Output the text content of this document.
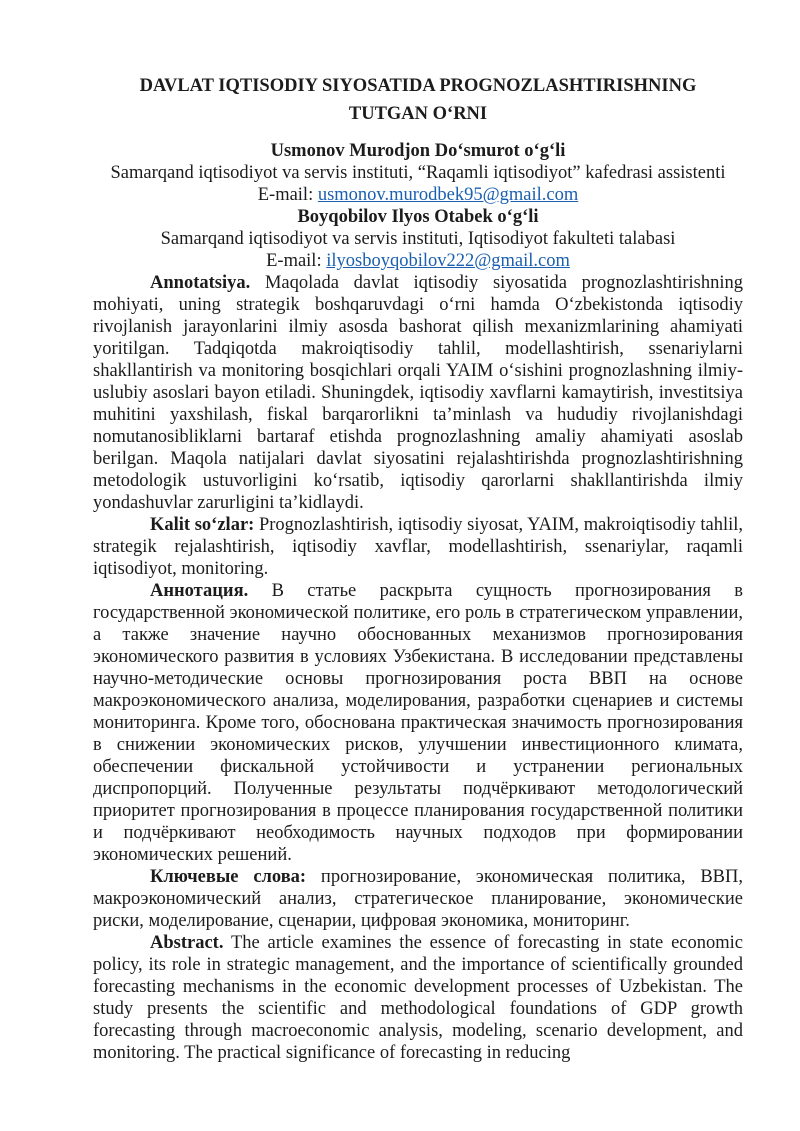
DAVLAT IQTISODIY SIYOSATIDA PROGNOZLASHTIRISHNING
TUTGAN O‘RNI
Usmonov Murodjon Do‘smurot o‘g‘li
Samarqand iqtisodiyot va servis instituti, “Raqamli iqtisodiyot” kafedrasi assistenti
E-mail: usmonov.murodbek95@gmail.com
Boyqobilov Ilyos Otabek o‘g‘li
Samarqand iqtisodiyot va servis instituti, Iqtisodiyot fakulteti talabasi
E-mail: ilyosboyqobilov222@gmail.com

Annotatsiya. Maqolada davlat iqtisodiy siyosatida prognozlashtirishning mohiyati, uning strategik boshqaruvdagi o‘rni hamda O‘zbekistonda iqtisodiy rivojlanish jarayonlarini ilmiy asosda bashorat qilish mexanizmlarining ahamiyati yoritilgan. Tadqiqotda makroiqtisodiy tahlil, modellashtirish, ssenariylarni shakllantirish va monitoring bosqichlari orqali YAIM o‘sishini prognozlashning ilmiy-uslubiy asoslari bayon etiladi. Shuningdek, iqtisodiy xavflarni kamaytirish, investitsiya muhitini yaxshilash, fiskal barqarorlikni ta’minlash va hududiy rivojlanishdagi nomutanosibliklarni bartaraf etishda prognozlashning amaliy ahamiyati asoslab berilgan. Maqola natijalari davlat siyosatini rejalashtirishda prognozlashtirishning metodologik ustuvorligini ko‘rsatib, iqtisodiy qarorlarni shakllantirishda ilmiy yondashuvlar zarurligini ta’kidlaydi.

Kalit so‘zlar: Prognozlashtirish, iqtisodiy siyosat, YAIM, makroiqtisodiy tahlil, strategik rejalashtirish, iqtisodiy xavflar, modellashtirish, ssenariylar, raqamli iqtisodiyot, monitoring.

Аннотация. В статье раскрыта сущность прогнозирования в государственной экономической политике, его роль в стратегическом управлении, а также значение научно обоснованных механизмов прогнозирования экономического развития в условиях Узбекистана. В исследовании представлены научно-методические основы прогнозирования роста ВВП на основе макроэкономического анализа, моделирования, разработки сценариев и системы мониторинга. Кроме того, обоснована практическая значимость прогнозирования в снижении экономических рисков, улучшении инвестиционного климата, обеспечении фискальной устойчивости и устранении региональных диспропорций. Полученные результаты подчёркивают методологический приоритет прогнозирования в процессе планирования государственной политики и подчёркивают необходимость научных подходов при формировании экономических решений.

Ключевые слова: прогнозирование, экономическая политика, ВВП, макроэкономический анализ, стратегическое планирование, экономические риски, моделирование, сценарии, цифровая экономика, мониторинг.

Abstract. The article examines the essence of forecasting in state economic policy, its role in strategic management, and the importance of scientifically grounded forecasting mechanisms in the economic development processes of Uzbekistan. The study presents the scientific and methodological foundations of GDP growth forecasting through macroeconomic analysis, modeling, scenario development, and monitoring. The practical significance of forecasting in reducing
